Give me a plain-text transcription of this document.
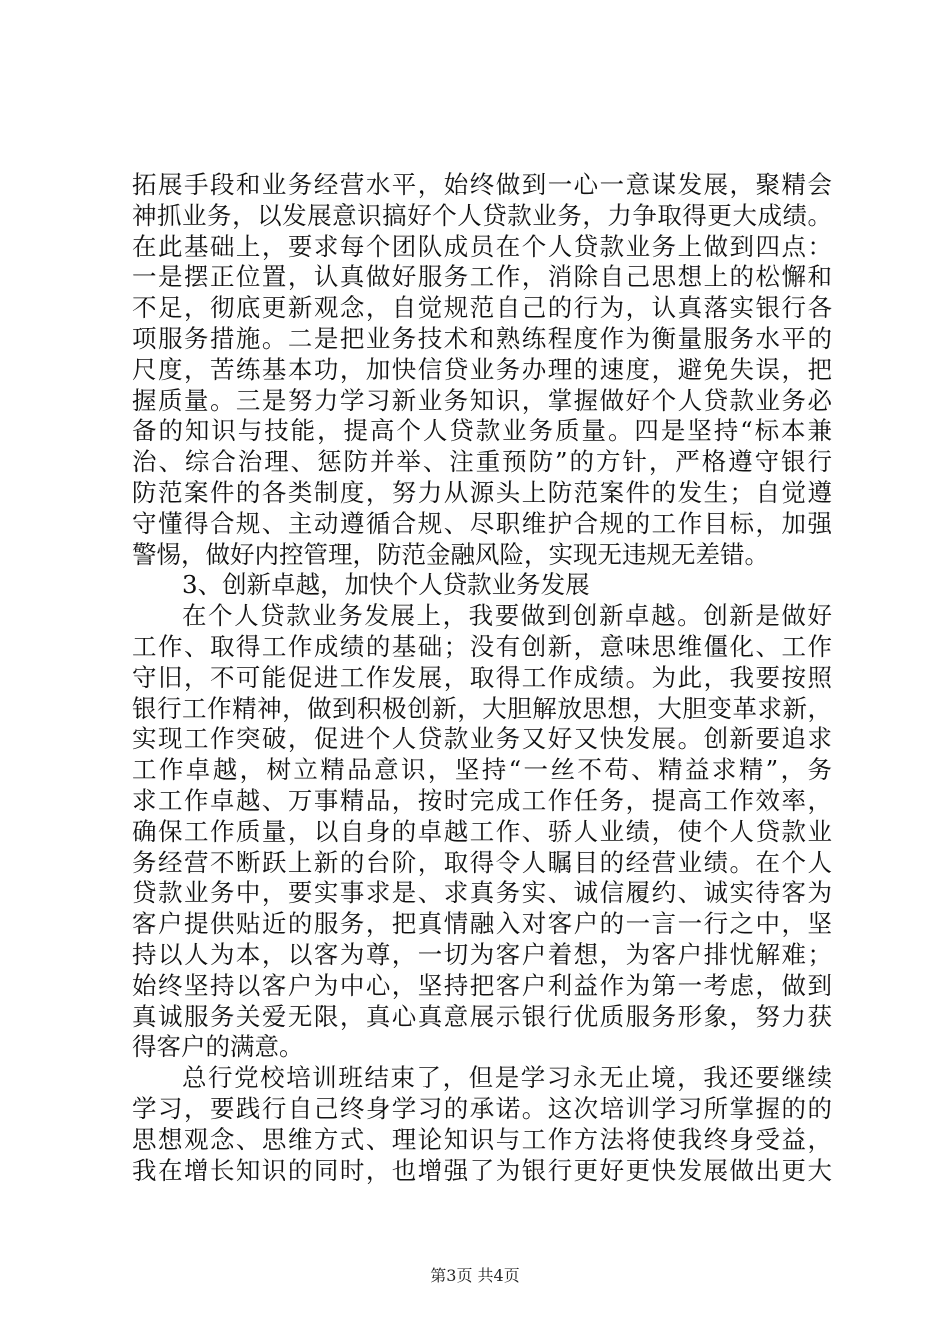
拓展手段和业务经营水平，始终做到一心一意谋发展，聚精会
神抓业务，以发展意识搞好个人贷款业务，力争取得更大成绩。
在此基础上，要求每个团队成员在个人贷款业务上做到四点：
一是摆正位置，认真做好服务工作，消除自己思想上的松懈和
不足，彻底更新观念，自觉规范自己的行为，认真落实银行各
项服务措施。二是把业务技术和熟练程度作为衡量服务水平的
尺度，苦练基本功，加快信贷业务办理的速度，避免失误，把
握质量。三是努力学习新业务知识，掌握做好个人贷款业务必
备的知识与技能，提高个人贷款业务质量。四是坚持“标本兼
治、综合治理、惩防并举、注重预防”的方针，严格遵守银行
防范案件的各类制度，努力从源头上防范案件的发生；自觉遵
守懂得合规、主动遵循合规、尽职维护合规的工作目标，加强
警惕，做好内控管理，防范金融风险，实现无违规无差错。
3、创新卓越，加快个人贷款业务发展
在个人贷款业务发展上，我要做到创新卓越。创新是做好
工作、取得工作成绩的基础；没有创新，意味思维僵化、工作
守旧，不可能促进工作发展，取得工作成绩。为此，我要按照
银行工作精神，做到积极创新，大胆解放思想，大胆变革求新，
实现工作突破，促进个人贷款业务又好又快发展。创新要追求
工作卓越，树立精品意识，坚持“一丝不苟、精益求精”，务
求工作卓越、万事精品，按时完成工作任务，提高工作效率，
确保工作质量，以自身的卓越工作、骄人业绩，使个人贷款业
务经营不断跃上新的台阶，取得令人瞩目的经营业绩。在个人
贷款业务中，要实事求是、求真务实、诚信履约、诚实待客为
客户提供贴近的服务，把真情融入对客户的一言一行之中，坚
持以人为本，以客为尊，一切为客户着想，为客户排忧解难；
始终坚持以客户为中心，坚持把客户利益作为第一考虑，做到
真诚服务关爱无限，真心真意展示银行优质服务形象，努力获
得客户的满意。
总行党校培训班结束了，但是学习永无止境，我还要继续
学习，要践行自己终身学习的承诺。这次培训学习所掌握的的
思想观念、思维方式、理论知识与工作方法将使我终身受益，
我在增长知识的同时，也增强了为银行更好更快发展做出更大
第3页 共4页
